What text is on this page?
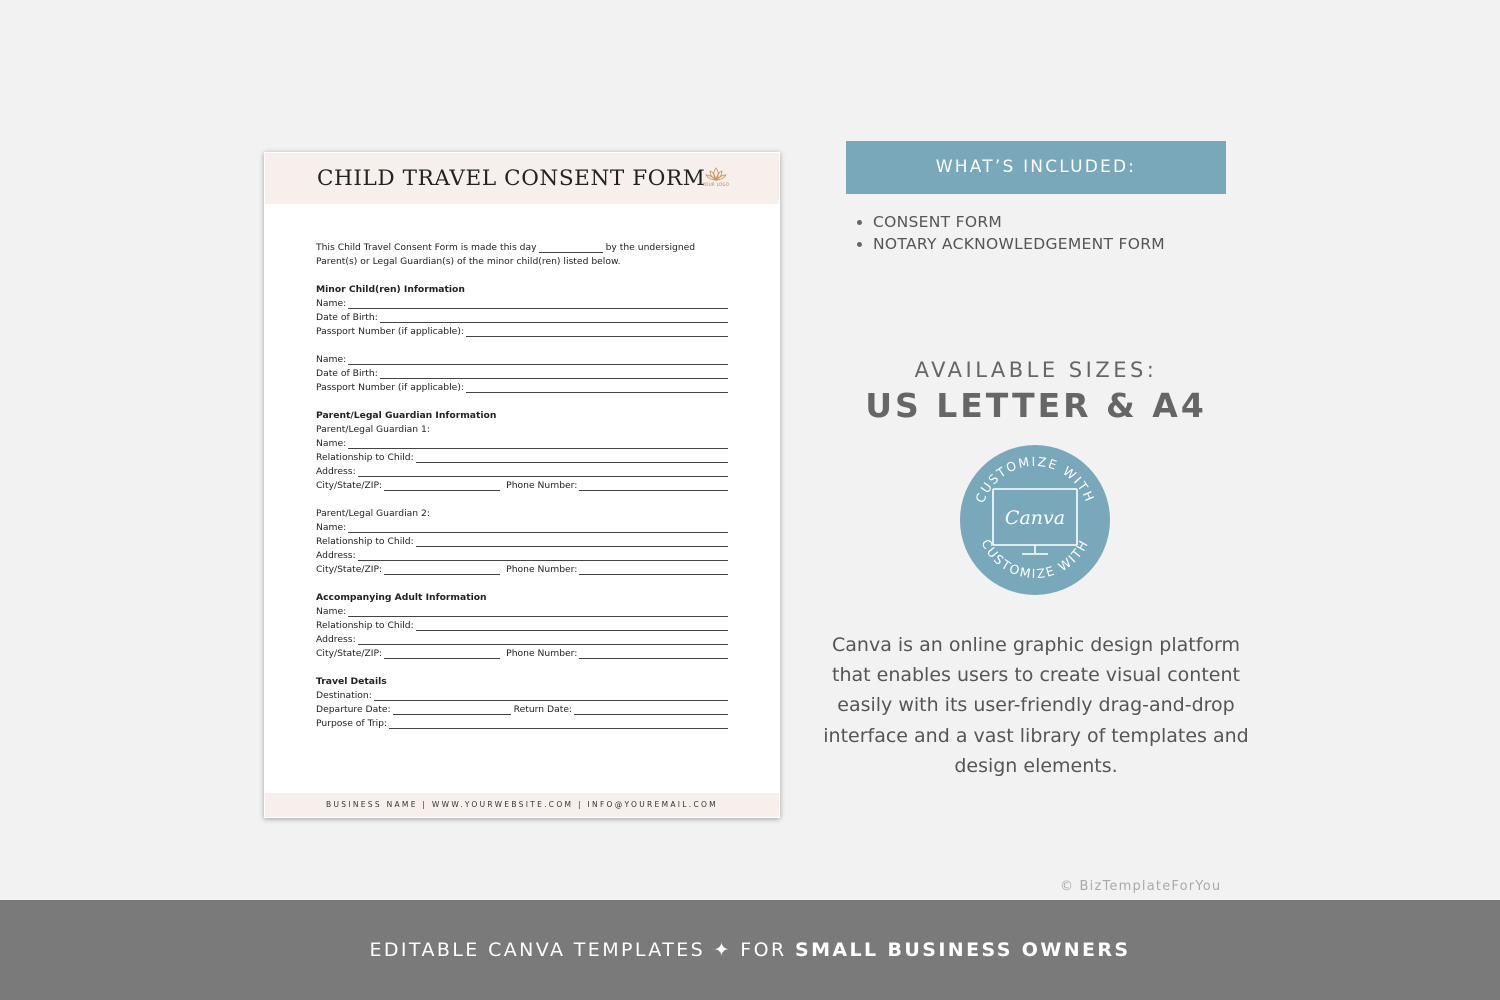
CHILD TRAVEL CONSENT FORM
YOUR LOGO
This Child Travel Consent Form is made this day	by the undersigned
Parent(s) or Legal Guardian(s) of the minor child(ren) listed below.
Minor Child(ren) Information
Name:
Date of Birth:
Passport Number (if applicable):
Name:
Date of Birth:
Passport Number (if applicable):
Parent/Legal Guardian Information
Parent/Legal Guardian 1:
Name:
Relationship to Child:
Address:
City/State/ZIP:	Phone Number:
Parent/Legal Guardian 2:
Name:
Relationship to Child:
Address:
City/State/ZIP:	Phone Number:
Accompanying Adult Information
Name:
Relationship to Child:
Address:
City/State/ZIP:	Phone Number:
Travel Details
Destination:
Departure Date:	Return Date:
Purpose of Trip:
BUSINESS NAME | WWW.YOURWEBSITE.COM | INFO@YOUREMAIL.COM
WHAT’S INCLUDED:
CONSENT FORM
NOTARY ACKNOWLEDGEMENT FORM
AVAILABLE SIZES:
US LETTER & A4
CUSTOMIZE WITH
CUSTOMIZE WITH
Canva
Canva is an online graphic design platform that enables users to create visual content easily with its user-friendly drag-and-drop interface and a vast library of templates and design elements.
© BizTemplateForYou
EDITABLE CANVA TEMPLATES ✦ FOR SMALL BUSINESS OWNERS
